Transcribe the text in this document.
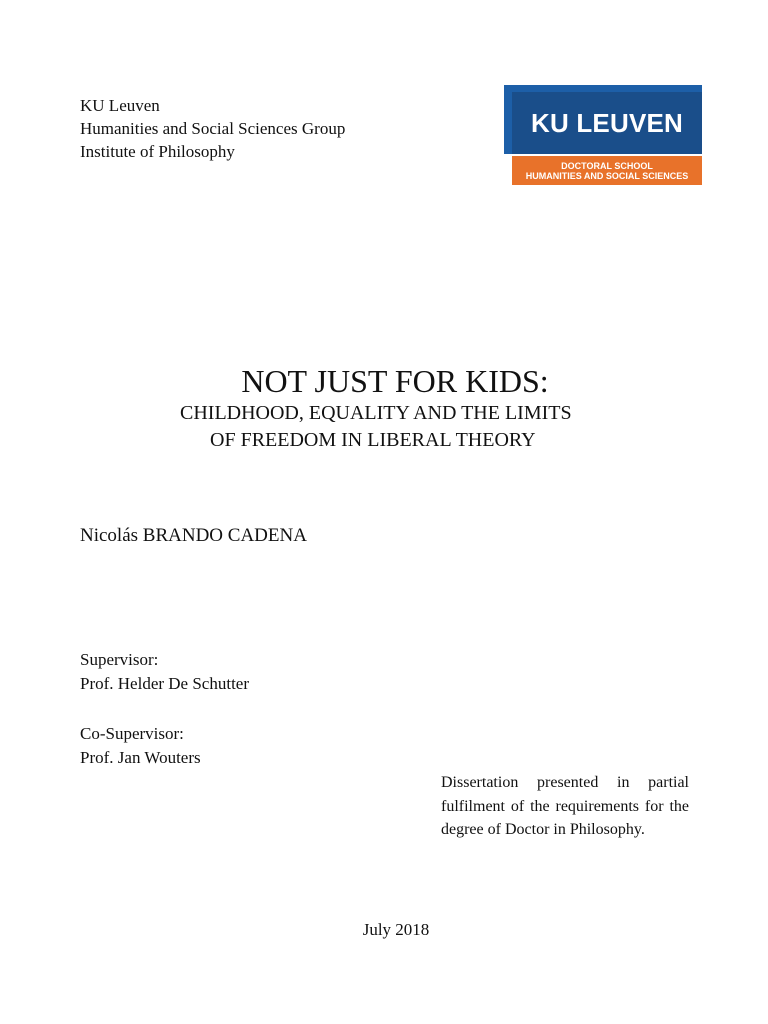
KU Leuven
Humanities and Social Sciences Group
Institute of Philosophy
KU LEUVEN
DOCTORAL SCHOOL
HUMANITIES AND SOCIAL SCIENCES
NOT JUST FOR KIDS:
CHILDHOOD, EQUALITY AND THE LIMITS
OF FREEDOM IN LIBERAL THEORY
Nicolás BRANDO CADENA
Supervisor:
Prof. Helder De Schutter
Co-Supervisor:
Prof. Jan Wouters
Dissertation presented in partial fulfilment of the requirements for the degree of Doctor in Philosophy.
July 2018
